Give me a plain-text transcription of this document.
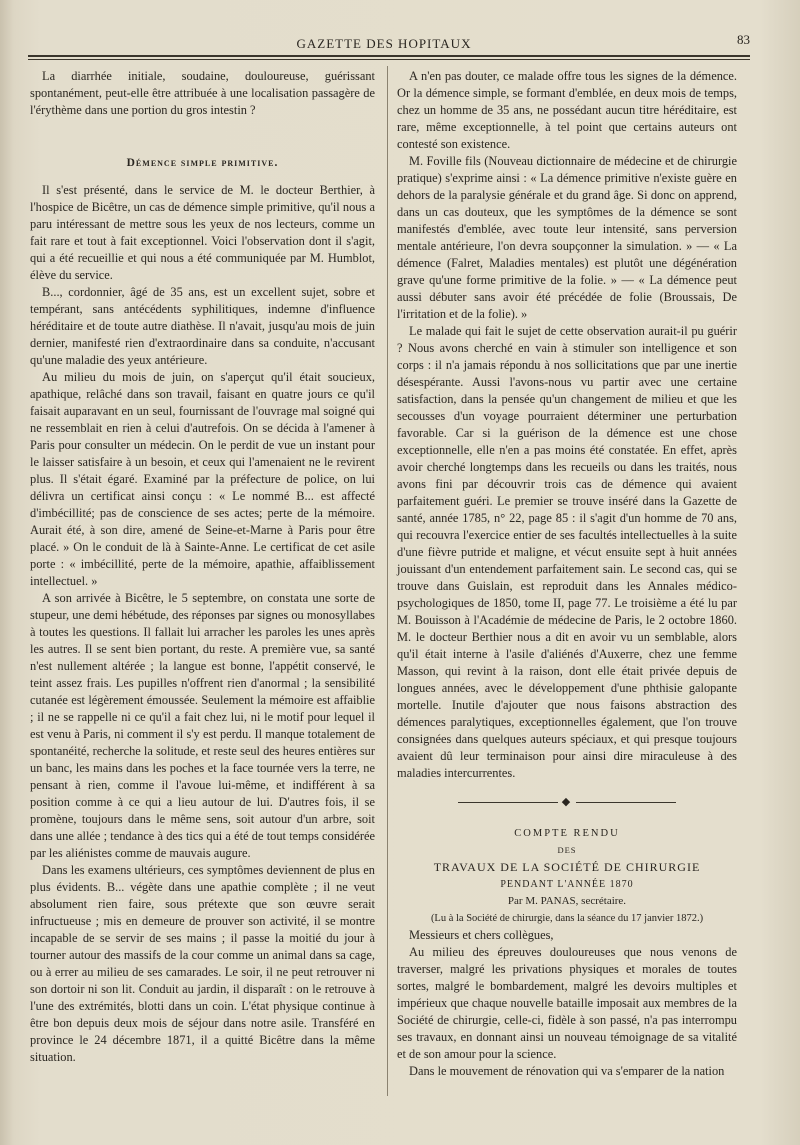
GAZETTE DES HOPITAUX	83

La diarrhée initiale, soudaine, douloureuse, guérissant spontanément, peut-elle être attribuée à une localisation passagère de l'érythème dans une portion du gros intestin ?

Démence simple primitive.

Il s'est présenté, dans le service de M. le docteur Berthier, à l'hospice de Bicêtre, un cas de démence simple primitive, qu'il nous a paru intéressant de mettre sous les yeux de nos lecteurs, comme un fait rare et tout à fait exceptionnel. Voici l'observation dont il s'agit, qui a été recueillie et qui nous a été communiquée par M. Humblot, élève du service.

B..., cordonnier, âgé de 35 ans, est un excellent sujet, sobre et tempérant, sans antécédents syphilitiques, indemne d'influence héréditaire et de toute autre diathèse. Il n'avait, jusqu'au mois de juin dernier, manifesté rien d'extraordinaire dans sa conduite, n'accusant qu'une maladie des yeux antérieure.

Au milieu du mois de juin, on s'aperçut qu'il était soucieux, apathique, relâché dans son travail, faisant en quatre jours ce qu'il faisait auparavant en un seul, fournissant de l'ouvrage mal soigné qui ne ressemblait en rien à celui d'autrefois. On se décida à l'amener à Paris pour consulter un médecin. On le perdit de vue un instant pour le laisser satisfaire à un besoin, et ceux qui l'amenaient ne le revirent plus. Il s'était égaré. Examiné par la préfecture de police, on lui délivra un certificat ainsi conçu : « Le nommé B... est affecté d'imbécillité; pas de conscience de ses actes; perte de la mémoire. Aurait été, à son dire, amené de Seine-et-Marne à Paris pour être placé. » On le conduit de là à Sainte-Anne. Le certificat de cet asile porte : « imbécillité, perte de la mémoire, apathie, affaiblissement intellectuel. »

A son arrivée à Bicêtre, le 5 septembre, on constata une sorte de stupeur, une demi hébétude, des réponses par signes ou monosyllabes à toutes les questions. Il fallait lui arracher les paroles les unes après les autres. Il se sent bien portant, du reste. A première vue, sa santé n'est nullement altérée ; la langue est bonne, l'appétit conservé, le teint assez frais. Les pupilles n'offrent rien d'anormal ; la sensibilité cutanée est légèrement émoussée. Seulement la mémoire est affaiblie ; il ne se rappelle ni ce qu'il a fait chez lui, ni le motif pour lequel il est venu à Paris, ni comment il s'y est perdu. Il manque totalement de spontanéité, recherche la solitude, et reste seul des heures entières sur un banc, les mains dans les poches et la face tournée vers la terre, ne pensant à rien, comme il l'avoue lui-même, et indifférent à sa position comme à ce qui a lieu autour de lui. D'autres fois, il se promène, toujours dans le même sens, soit autour d'un arbre, soit dans une allée ; tendance à des tics qui a été de tout temps considérée par les aliénistes comme de mauvais augure.

Dans les examens ultérieurs, ces symptômes deviennent de plus en plus évidents. B... végète dans une apathie complète ; il ne veut absolument rien faire, sous prétexte que son œuvre serait infructueuse ; mis en demeure de prouver son activité, il se montre incapable de se servir de ses mains ; il passe la moitié du jour à tourner autour des massifs de la cour comme un animal dans sa cage, ou à errer au milieu de ses camarades. Le soir, il ne peut retrouver ni son dortoir ni son lit. Conduit au jardin, il disparaît : on le retrouve à l'une des extrémités, blotti dans un coin. L'état physique continue à être bon depuis deux mois de séjour dans notre asile. Transféré en province le 24 décembre 1871, il a quitté Bicêtre dans la même situation.

A n'en pas douter, ce malade offre tous les signes de la démence. Or la démence simple, se formant d'emblée, en deux mois de temps, chez un homme de 35 ans, ne possédant aucun titre héréditaire, est rare, même exceptionnelle, à tel point que certains auteurs ont contesté son existence.

M. Foville fils (Nouveau dictionnaire de médecine et de chirurgie pratique) s'exprime ainsi : « La démence primitive n'existe guère en dehors de la paralysie générale et du grand âge. Si donc on apprend, dans un cas douteux, que les symptômes de la démence se sont manifestés d'emblée, avec toute leur intensité, sans perversion mentale antérieure, l'on devra soupçonner la simulation. » — « La démence (Falret, Maladies mentales) est plutôt une dégénération grave qu'une forme primitive de la folie. » — « La démence peut aussi débuter sans avoir été précédée de folie (Broussais, De l'irritation et de la folie). »

Le malade qui fait le sujet de cette observation aurait-il pu guérir ? Nous avons cherché en vain à stimuler son intelligence et son corps : il n'a jamais répondu à nos sollicitations que par une inertie désespérante. Aussi l'avons-nous vu partir avec une certaine satisfaction, dans la pensée qu'un changement de milieu et que les secousses d'un voyage pourraient déterminer une perturbation favorable. Car si la guérison de la démence est une chose exceptionnelle, elle n'en a pas moins été constatée. En effet, après avoir cherché longtemps dans les recueils ou dans les traités, nous avons fini par découvrir trois cas de démence qui avaient parfaitement guéri. Le premier se trouve inséré dans la Gazette de santé, année 1785, n° 22, page 85 : il s'agit d'un homme de 70 ans, qui recouvra l'exercice entier de ses facultés intellectuelles à la suite d'une fièvre putride et maligne, et vécut ensuite sept à huit années jouissant d'un entendement parfaitement sain. Le second cas, qui se trouve dans Guislain, est reproduit dans les Annales médico-psychologiques de 1850, tome II, page 77. Le troisième a été lu par M. Bouisson à l'Académie de médecine de Paris, le 2 octobre 1860. M. le docteur Berthier nous a dit en avoir vu un semblable, alors qu'il était interne à l'asile d'aliénés d'Auxerre, chez une femme Masson, qui revint à la raison, dont elle était privée depuis de longues années, avec le développement d'une phthisie galopante mortelle. Inutile d'ajouter que nous faisons abstraction des démences paralytiques, exceptionnelles également, que l'on trouve consignées dans quelques auteurs spéciaux, et qui presque toujours avaient dû leur terminaison pour ainsi dire miraculeuse à des maladies intercurrentes.

◆

COMPTE RENDU

DES

TRAVAUX DE LA SOCIÉTÉ DE CHIRURGIE

PENDANT L'ANNÉE 1870

Par M. PANAS, secrétaire.

(Lu à la Société de chirurgie, dans la séance du 17 janvier 1872.)

Messieurs et chers collègues,

Au milieu des épreuves douloureuses que nous venons de traverser, malgré les privations physiques et morales de toutes sortes, malgré le bombardement, malgré les devoirs multiples et impérieux que chaque nouvelle bataille imposait aux membres de la Société de chirurgie, celle-ci, fidèle à son passé, n'a pas interrompu ses travaux, en donnant ainsi un nouveau témoignage de sa vitalité et de son amour pour la science.

Dans le mouvement de rénovation qui va s'emparer de la nation
